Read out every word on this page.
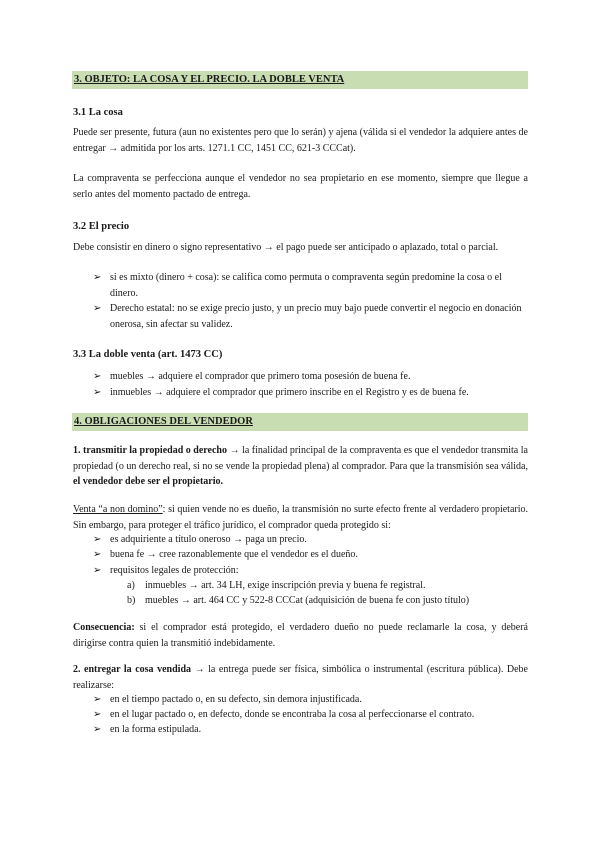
3. OBJETO: LA COSA Y EL PRECIO. LA DOBLE VENTA
3.1 La cosa
Puede ser presente, futura (aun no existentes pero que lo serán) y ajena (válida si el vendedor la adquiere antes de entregar → admitida por los arts. 1271.1 CC, 1451 CC, 621-3 CCCat).
La compraventa se perfecciona aunque el vendedor no sea propietario en ese momento, siempre que llegue a serlo antes del momento pactado de entrega.
3.2 El precio
Debe consistir en dinero o signo representativo → el pago puede ser anticipado o aplazado, total o parcial.
➢ si es mixto (dinero + cosa): se califica como permuta o compraventa según predomine la cosa o el dinero.
➢ Derecho estatal: no se exige precio justo, y un precio muy bajo puede convertir el negocio en donación onerosa, sin afectar su validez.
3.3 La doble venta (art. 1473 CC)
➢ muebles → adquiere el comprador que primero toma posesión de buena fe.
➢ inmuebles → adquiere el comprador que primero inscribe en el Registro y es de buena fe.
4. OBLIGACIONES DEL VENDEDOR
1. transmitir la propiedad o derecho → la finalidad principal de la compraventa es que el vendedor transmita la propiedad (o un derecho real, si no se vende la propiedad plena) al comprador. Para que la transmisión sea válida, el vendedor debe ser el propietario.
Venta “a non domino”: si quien vende no es dueño, la transmisión no surte efecto frente al verdadero propietario. Sin embargo, para proteger el tráfico jurídico, el comprador queda protegido si:
➢ es adquiriente a título oneroso → paga un precio.
➢ buena fe → cree razonablemente que el vendedor es el dueño.
➢ requisitos legales de protección:
a) inmuebles → art. 34 LH, exige inscripción previa y buena fe registral.
b) muebles → art. 464 CC y 522-8 CCCat (adquisición de buena fe con justo título)
Consecuencia: si el comprador está protegido, el verdadero dueño no puede reclamarle la cosa, y deberá dirigirse contra quien la transmitió indebidamente.
2. entregar la cosa vendida → la entrega puede ser física, simbólica o instrumental (escritura pública). Debe realizarse:
➢ en el tiempo pactado o, en su defecto, sin demora injustificada.
➢ en el lugar pactado o, en defecto, donde se encontraba la cosa al perfeccionarse el contrato.
➢ en la forma estipulada.
